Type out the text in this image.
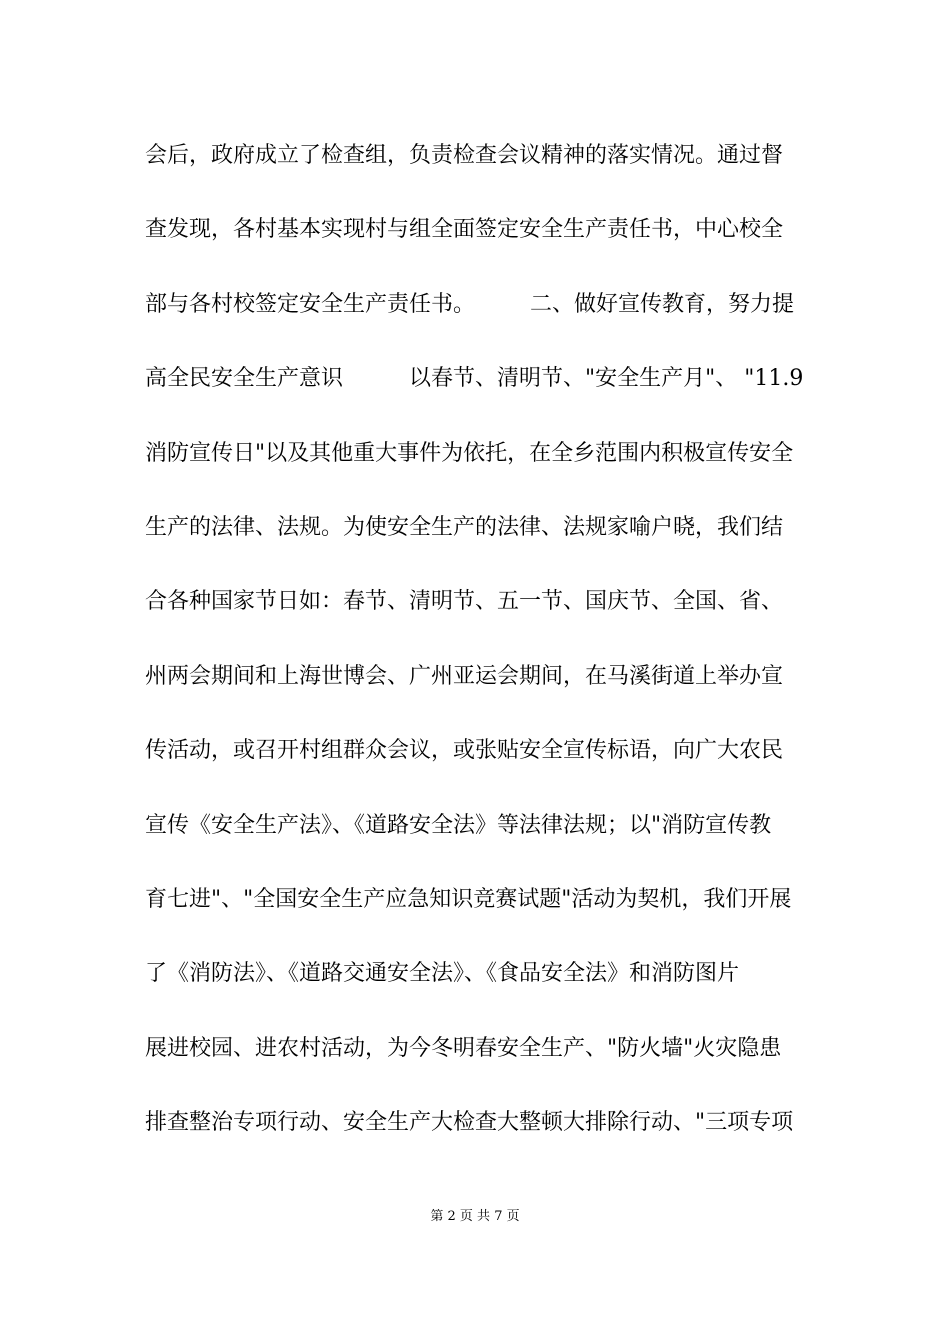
会后，政府成立了检查组，负责检查会议精神的落实情况。通过督
查发现，各村基本实现村与组全面签定安全生产责任书，中心校全
部与各村校签定安全生产责任书。　　　二、做好宣传教育，努力提
高全民安全生产意识　　　以春节、清明节、"安全生产月"、 "11.9
消防宣传日"以及其他重大事件为依托，在全乡范围内积极宣传安全
生产的法律、法规。为使安全生产的法律、法规家喻户晓，我们结
合各种国家节日如：春节、清明节、五一节、国庆节、全国、省、
州两会期间和上海世博会、广州亚运会期间，在马溪街道上举办宣
传活动，或召开村组群众会议，或张贴安全宣传标语，向广大农民
宣传《安全生产法》、《道路安全法》等法律法规；以"消防宣传教
育七进"、"全国安全生产应急知识竞赛试题"活动为契机，我们开展
了《消防法》、《道路交通安全法》、《食品安全法》和消防图片
展进校园、进农村活动，为今冬明春安全生产、"防火墙"火灾隐患
排查整治专项行动、安全生产大检查大整顿大排除行动、"三项专项
第 2 页 共 7 页
